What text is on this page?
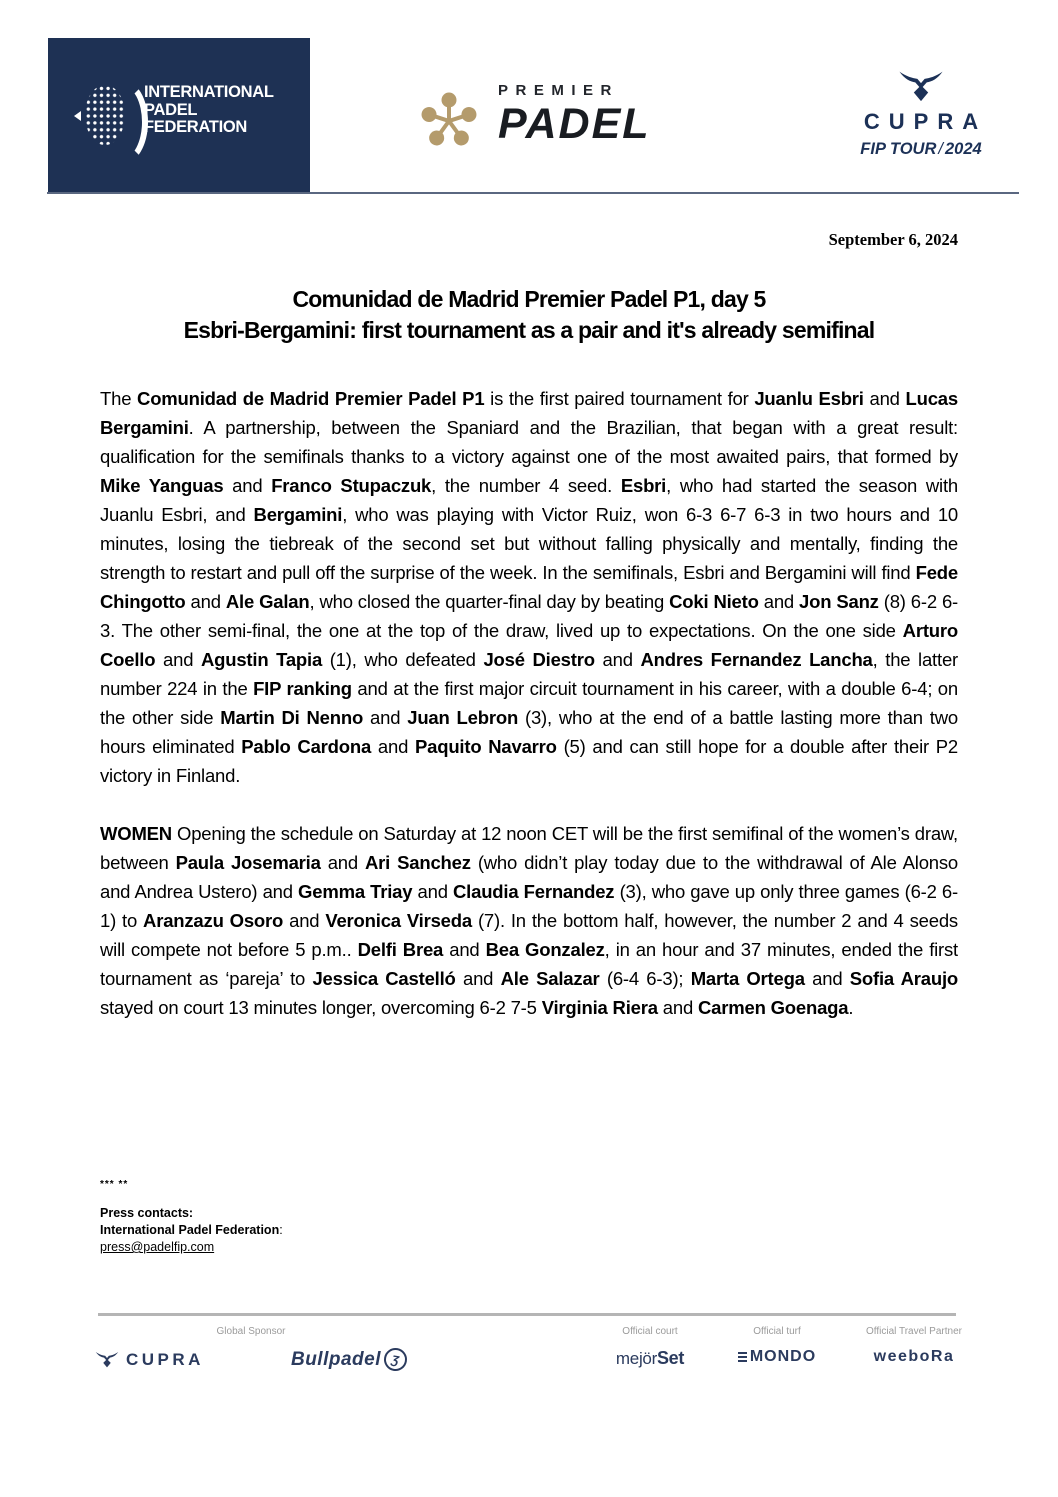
INTERNATIONAL
PADEL
FEDERATION
PREMIER
PADEL	CUPRA
FIP TOUR / 2024
September 6, 2024
Comunidad de Madrid Premier Padel P1, day 5
Esbri-Bergamini: first tournament as a pair and it's already semifinal

The Comunidad de Madrid Premier Padel P1 is the first paired tournament for Juanlu Esbri and Lucas Bergamini. A partnership, between the Spaniard and the Brazilian, that began with a great result: qualification for the semifinals thanks to a victory against one of the most awaited pairs, that formed by Mike Yanguas and Franco Stupaczuk, the number 4 seed. Esbri, who had started the season with Juanlu Esbri, and Bergamini, who was playing with Victor Ruiz, won 6-3 6-7 6-3 in two hours and 10 minutes, losing the tiebreak of the second set but without falling physically and mentally, finding the strength to restart and pull off the surprise of the week. In the semifinals, Esbri and Bergamini will find Fede Chingotto and Ale Galan, who closed the quarter-final day by beating Coki Nieto and Jon Sanz (8) 6-2 6-3. The other semi-final, the one at the top of the draw, lived up to expectations. On the one side Arturo Coello and Agustin Tapia (1), who defeated José Diestro and Andres Fernandez Lancha, the latter number 224 in the FIP ranking and at the first major circuit tournament in his career, with a double 6-4; on the other side Martin Di Nenno and Juan Lebron (3), who at the end of a battle lasting more than two hours eliminated Pablo Cardona and Paquito Navarro (5) and can still hope for a double after their P2 victory in Finland.

WOMEN Opening the schedule on Saturday at 12 noon CET will be the first semifinal of the women’s draw, between Paula Josemaria and Ari Sanchez (who didn’t play today due to the withdrawal of Ale Alonso and Andrea Ustero) and Gemma Triay and Claudia Fernandez (3), who gave up only three games (6-2 6-1) to Aranzazu Osoro and Veronica Virseda (7). In the bottom half, however, the number 2 and 4 seeds will compete not before 5 p.m.. Delfi Brea and Bea Gonzalez, in an hour and 37 minutes, ended the first tournament as ‘pareja’ to Jessica Castelló and Ale Salazar (6-4 6-3); Marta Ortega and Sofia Araujo stayed on court 13 minutes longer, overcoming 6-2 7-5 Virginia Riera and Carmen Goenaga.

*** **
Press contacts:
International Padel Federation:
press@padelfip.com
Global Sponsor
CUPRA	Bullpadel Ʒ
Official court
mejörSet
Official turf
MONDO
Official Travel Partner
weeboRa
